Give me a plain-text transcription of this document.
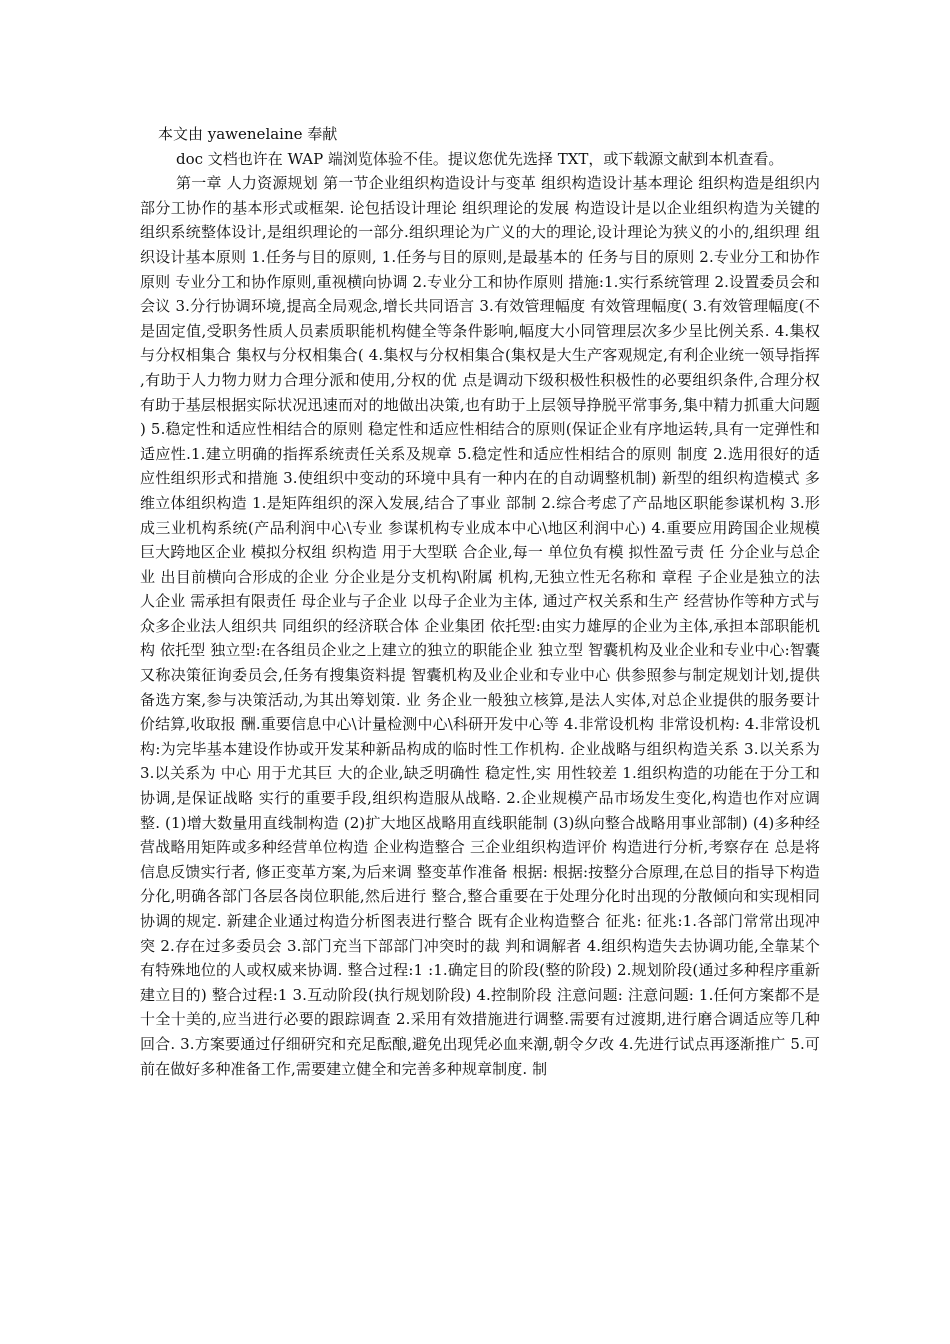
本文由 yawenelaine 奉献

doc 文档也许在 WAP 端浏览体验不佳。提议您优先选择 TXT，或下载源文献到本机查看。

第一章 人力资源规划 第一节企业组织构造设计与变革 组织构造设计基本理论 组织构造是组织内部分工协作的基本形式或框架. 论包括设计理论 组织理论的发展 构造设计是以企业组织构造为关键的组织系统整体设计,是组织理论的一部分.组织理论为广义的大的理论,设计理论为狭义的小的,组织理 组织设计基本原则 1.任务与目的原则, 1.任务与目的原则,是最基本的 任务与目的原则 2.专业分工和协作原则 专业分工和协作原则,重视横向协调 2.专业分工和协作原则 措施:1.实行系统管理 2.设置委员会和会议 3.分行协调环境,提高全局观念,增长共同语言 3.有效管理幅度 有效管理幅度( 3.有效管理幅度(不是固定值,受职务性质人员素质职能机构健全等条件影响,幅度大小同管理层次多少呈比例关系. 4.集权与分权相集合 集权与分权相集合( 4.集权与分权相集合(集权是大生产客观规定,有利企业统一领导指挥,有助于人力物力财力合理分派和使用,分权的优 点是调动下级积极性积极性的必要组织条件,合理分权有助于基层根据实际状况迅速而对的地做出决策,也有助于上层领导挣脱平常事务,集中精力抓重大问题) 5.稳定性和适应性相结合的原则 稳定性和适应性相结合的原则(保证企业有序地运转,具有一定弹性和适应性.1.建立明确的指挥系统责任关系及规章 5.稳定性和适应性相结合的原则 制度 2.选用很好的适应性组织形式和措施 3.使组织中变动的环境中具有一种内在的自动调整机制) 新型的组织构造模式 多维立体组织构造 1.是矩阵组织的深入发展,结合了事业 部制 2.综合考虑了产品地区职能参谋机构 3.形成三业机构系统(产品利润中心\专业 参谋机构专业成本中心\地区利润中心) 4.重要应用跨国企业规模巨大跨地区企业 模拟分权组 织构造 用于大型联 合企业,每一 单位负有模 拟性盈亏责 任 分企业与总企业 出目前横向合形成的企业 分企业是分支机构\附属 机构,无独立性无名称和 章程 子企业是独立的法人企业 需承担有限责任 母企业与子企业 以母子企业为主体, 通过产权关系和生产 经营协作等种方式与 众多企业法人组织共 同组织的经济联合体 企业集团 依托型:由实力雄厚的企业为主体,承担本部职能机构 依托型 独立型:在各组员企业之上建立的独立的职能企业 独立型 智囊机构及业企业和专业中心:智囊又称决策征询委员会,任务有搜集资料提 智囊机构及业企业和专业中心 供参照参与制定规划计划,提供备选方案,参与决策活动,为其出筹划策. 业 务企业一般独立核算,是法人实体,对总企业提供的服务要计价结算,收取报 酬.重要信息中心\计量检测中心\科研开发中心等 4.非常设机构 非常设机构: 4.非常设机构:为完毕基本建设作协或开发某种新品构成的临时性工作机构. 企业战略与组织构造关系 3.以关系为 3.以关系为 中心 用于尤其巨 大的企业,缺乏明确性 稳定性,实 用性较差 1.组织构造的功能在于分工和协调,是保证战略 实行的重要手段,组织构造服从战略. 2.企业规模产品市场发生变化,构造也作对应调 整. (1)增大数量用直线制构造 (2)扩大地区战略用直线职能制 (3)纵向整合战略用事业部制) (4)多种经营战略用矩阵或多种经营单位构造 企业构造整合 三企业组织构造评价 构造进行分析,考察存在 总是将信息反馈实行者, 修正变革方案,为后来调 整变革作准备 根据: 根据:按整分合原理,在总目的指导下构造分化,明确各部门各层各岗位职能,然后进行 整合,整合重要在于处理分化时出现的分散倾向和实现相同协调的规定. 新建企业通过构造分析图表进行整合 既有企业构造整合 征兆: 征兆:1.各部门常常出现冲突 2.存在过多委员会 3.部门充当下部部门冲突时的裁 判和调解者 4.组织构造失去协调功能,全靠某个有特殊地位的人或权威来协调. 整合过程:1 :1.确定目的阶段(整的阶段) 2.规划阶段(通过多种程序重新建立目的) 整合过程:1 3.互动阶段(执行规划阶段) 4.控制阶段 注意问题: 注意问题: 1.任何方案都不是十全十美的,应当进行必要的跟踪调查 2.采用有效措施进行调整.需要有过渡期,进行磨合调适应等几种回合. 3.方案要通过仔细研究和充足酝酿,避免出现凭必血来潮,朝令夕改 4.先进行试点再逐渐推广 5.可前在做好多种准备工作,需要建立健全和完善多种规章制度. 制
